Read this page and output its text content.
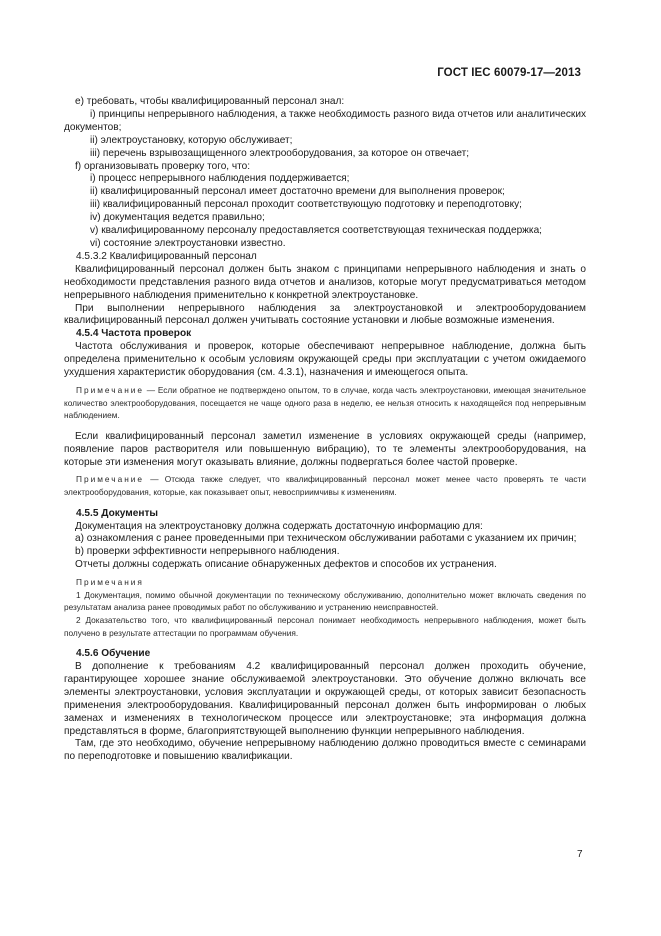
ГОСТ IEC 60079-17—2013

e) требовать, чтобы квалифицированный персонал знал:

i) принципы непрерывного наблюдения, а также необходимость разного вида отчетов или аналитических документов;

ii) электроустановку, которую обслуживает;

iii) перечень взрывозащищенного электрооборудования, за которое он отвечает;

f) организовывать проверку того, что:

i) процесс непрерывного наблюдения поддерживается;

ii) квалифицированный персонал имеет достаточно времени для выполнения проверок;

iii) квалифицированный персонал проходит соответствующую подготовку и переподготовку;

iv) документация ведется правильно;

v) квалифицированному персоналу предоставляется соответствующая техническая поддержка;

vi) состояние электроустановки известно.

4.5.3.2 Квалифицированный персонал

Квалифицированный персонал должен быть знаком с принципами непрерывного наблюдения и знать о необходимости представления разного вида отчетов и анализов, которые могут предусматриваться методом непрерывного наблюдения применительно к конкретной электроустановке.

При выполнении непрерывного наблюдения за электроустановкой и электрооборудованием квалифицированный персонал должен учитывать состояние установки и любые возможные изменения.

4.5.4 Частота проверок

Частота обслуживания и проверок, которые обеспечивают непрерывное наблюдение, должна быть определена применительно к особым условиям окружающей среды при эксплуатации с учетом ожидаемого ухудшения характеристик оборудования (см. 4.3.1), назначения и имеющегося опыта.

Примечание — Если обратное не подтверждено опытом, то в случае, когда часть электроустановки, имеющая значительное количество электрооборудования, посещается не чаще одного раза в неделю, ее нельзя относить к находящейся под непрерывным наблюдением.

Если квалифицированный персонал заметил изменение в условиях окружающей среды (например, появление паров растворителя или повышенную вибрацию), то те элементы электрооборудования, на которые эти изменения могут оказывать влияние, должны подвергаться более частой проверке.

Примечание — Отсюда также следует, что квалифицированный персонал может менее часто проверять те части электрооборудования, которые, как показывает опыт, невосприимчивы к изменениям.

4.5.5 Документы

Документация на электроустановку должна содержать достаточную информацию для:

a) ознакомления с ранее проведенными при техническом обслуживании работами с указанием их причин;

b) проверки эффективности непрерывного наблюдения.

Отчеты должны содержать описание обнаруженных дефектов и способов их устранения.

Примечания

1 Документация, помимо обычной документации по техническому обслуживанию, дополнительно может включать сведения по результатам анализа ранее проводимых работ по обслуживанию и устранению неисправностей.

2 Доказательство того, что квалифицированный персонал понимает необходимость непрерывного наблюдения, может быть получено в результате аттестации по программам обучения.

4.5.6 Обучение

В дополнение к требованиям 4.2 квалифицированный персонал должен проходить обучение, гарантирующее хорошее знание обслуживаемой электроустановки. Это обучение должно включать все элементы электроустановки, условия эксплуатации и окружающей среды, от которых зависит безопасность применения электрооборудования. Квалифицированный персонал должен быть информирован о любых заменах и изменениях в технологическом процессе или электроустановке; эта информация должна представляться в форме, благоприятствующей выполнению функции непрерывного наблюдения.

Там, где это необходимо, обучение непрерывному наблюдению должно проводиться вместе с семинарами по переподготовке и повышению квалификации.

7
